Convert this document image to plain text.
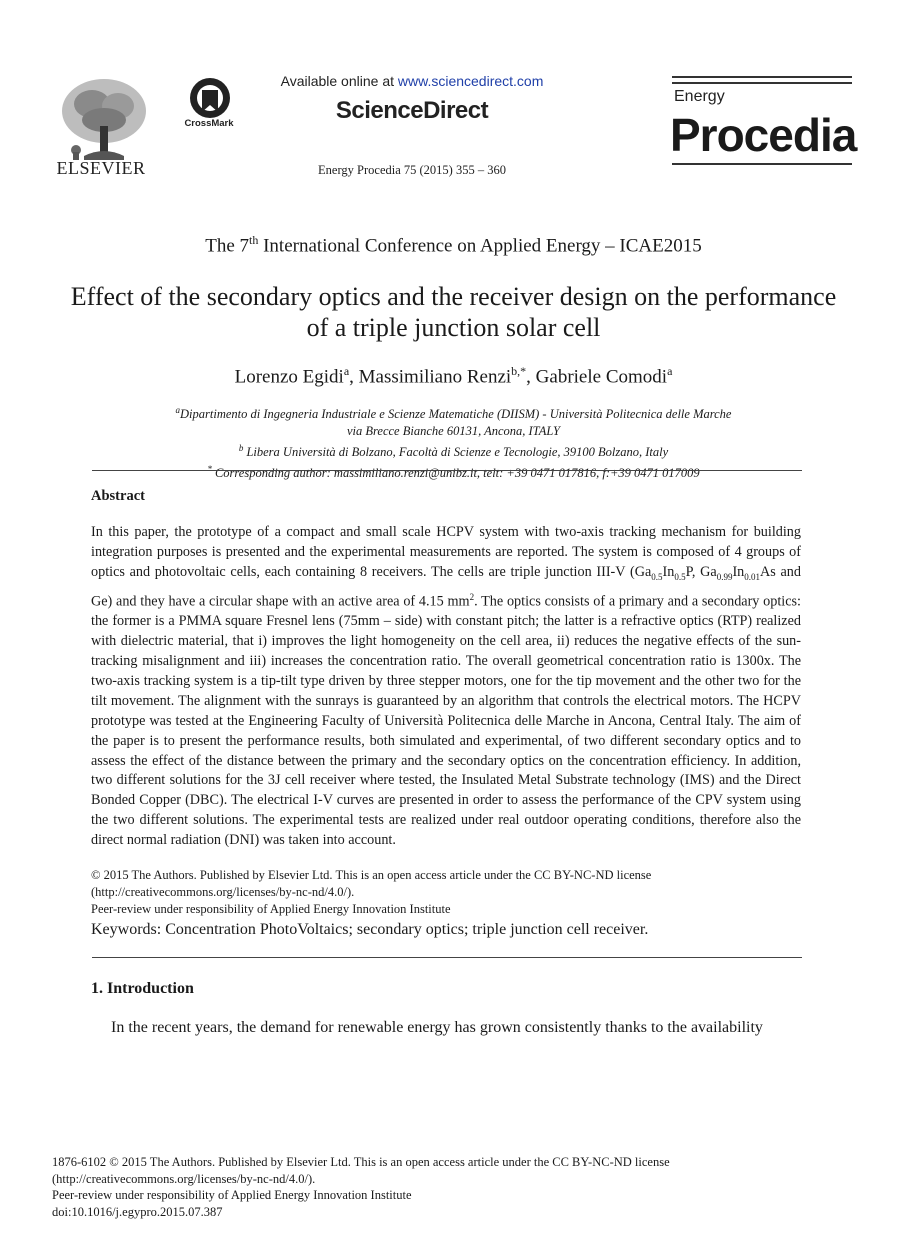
ELSEVIER
CrossMark
Available online at www.sciencedirect.com
ScienceDirect
Energy Procedia 75 (2015) 355 – 360
Energy
Procedia
The 7th International Conference on Applied Energy – ICAE2015
Effect of the secondary optics and the receiver design on the performance of a triple junction solar cell
Lorenzo Egidi$^a$, Massimiliano Renzi$^{b,*}$, Gabriele Comodi$^a$
$^a$Dipartimento di Ingegneria Industriale e Scienze Matematiche (DIISM) - Università Politecnica delle Marche
via Brecce Bianche 60131, Ancona, ITALY
$^b$ Libera Università di Bolzano, Facoltà di Scienze e Tecnologie, 39100 Bolzano, Italy
* Corresponding author: massimiliano.renzi@unibz.it, telt: +39 0471 017816, f:+39 0471 017009
Abstract
In this paper, the prototype of a compact and small scale HCPV system with two-axis tracking mechanism for building integration purposes is presented and the experimental measurements are reported. The system is composed of 4 groups of optics and photovoltaic cells, each containing 8 receivers. The cells are triple junction III-V ($Ga_{0.5}In_{0.5}P$, $Ga_{0.99}In_{0.01}As$ and Ge) and they have a circular shape with an active area of 4.15 $mm^2$. The optics consists of a primary and a secondary optics: the former is a PMMA square Fresnel lens (75mm – side) with constant pitch; the latter is a refractive optics (RTP) realized with dielectric material, that i) improves the light homogeneity on the cell area, ii) reduces the negative effects of the sun-tracking misalignment and iii) increases the concentration ratio. The overall geometrical concentration ratio is 1300x. The two-axis tracking system is a tip-tilt type driven by three stepper motors, one for the tip movement and the other two for the tilt movement. The alignment with the sunrays is guaranteed by an algorithm that controls the electrical motors. The HCPV prototype was tested at the Engineering Faculty of Università Politecnica delle Marche in Ancona, Central Italy. The aim of the paper is to present the performance results, both simulated and experimental, of two different secondary optics and to assess the effect of the distance between the primary and the secondary optics on the concentration efficiency. In addition, two different solutions for the 3J cell receiver where tested, the Insulated Metal Substrate technology (IMS) and the Direct Bonded Copper (DBC). The electrical I-V curves are presented in order to assess the performance of the CPV system using the two different solutions. The experimental tests are realized under real outdoor operating conditions, therefore also the direct normal radiation (DNI) was taken into account.
© 2015 The Authors. Published by Elsevier Ltd. This is an open access article under the CC BY-NC-ND license
(http://creativecommons.org/licenses/by-nc-nd/4.0/).
Peer-review under responsibility of Applied Energy Innovation Institute
Keywords: Concentration PhotoVoltaics; secondary optics; triple junction cell receiver.
1. Introduction
In the recent years, the demand for renewable energy has grown consistently thanks to the availability
1876-6102 © 2015 The Authors. Published by Elsevier Ltd. This is an open access article under the CC BY-NC-ND license
(http://creativecommons.org/licenses/by-nc-nd/4.0/).
Peer-review under responsibility of Applied Energy Innovation Institute
doi:10.1016/j.egypro.2015.07.387
